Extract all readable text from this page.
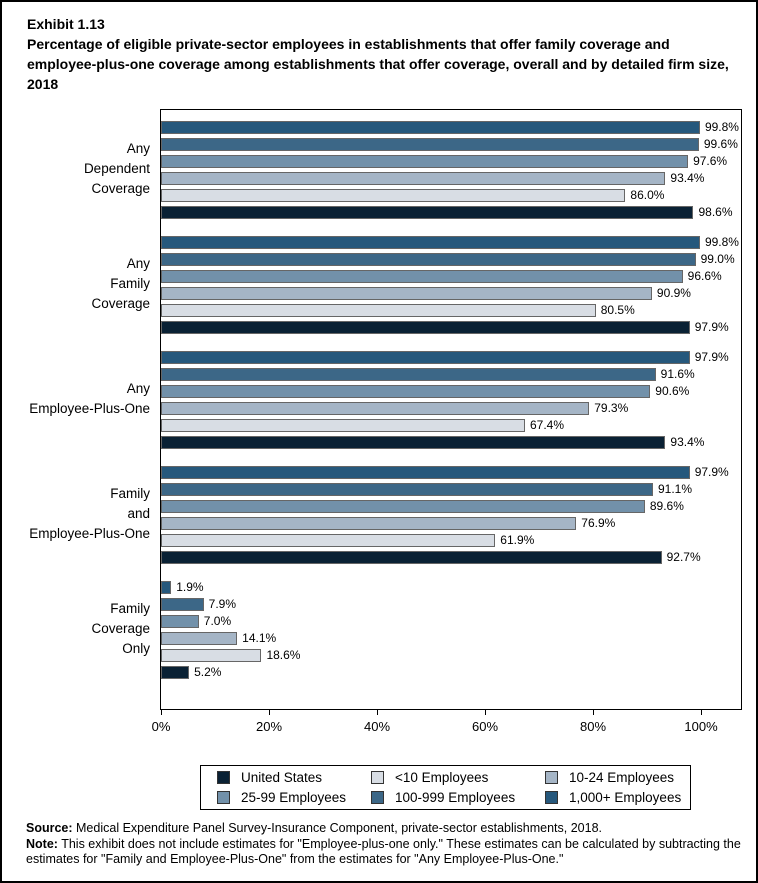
Exhibit 1.13
Percentage of eligible private-sector employees in establishments that offer family coverage and employee-plus-one coverage among establishments that offer coverage, overall and by detailed firm size, 2018
Any
Dependent
Coverage
Any
Family
Coverage
Any
Employee-Plus-One
Family
and
Employee-Plus-One
Family
Coverage
Only
99.8%
99.6%
97.6%
93.4%
86.0%
98.6%
99.8%
99.0%
96.6%
90.9%
80.5%
97.9%
97.9%
91.6%
90.6%
79.3%
67.4%
93.4%
97.9%
91.1%
89.6%
76.9%
61.9%
92.7%
1.9%
7.9%
7.0%
14.1%
18.6%
5.2%
0%	20%	40%	60%	80%	100%
United States	<10 Employees	10-24 Employees
25-99 Employees	100-999 Employees	1,000+ Employees

Source: Medical Expenditure Panel Survey-Insurance Component, private-sector establishments, 2018.

Note: This exhibit does not include estimates for "Employee-plus-one only." These estimates can be calculated by subtracting the estimates for "Family and Employee-Plus-One" from the estimates for "Any Employee-Plus-One."
